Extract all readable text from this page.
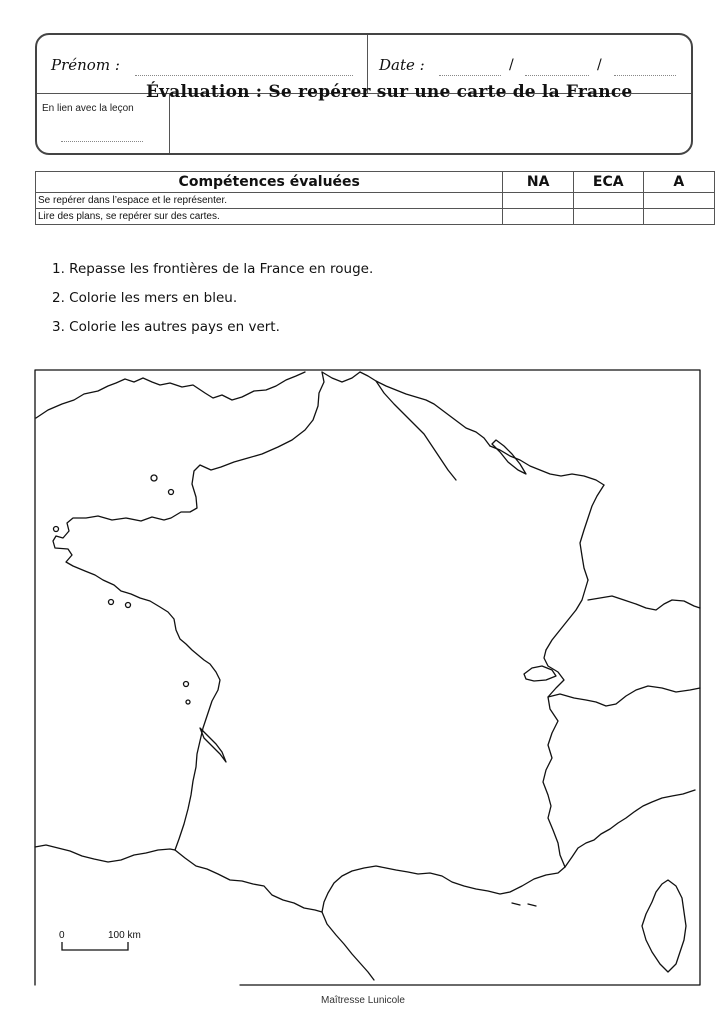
Prénom :	Date :	/	/
En lien avec la leçon
Évaluation : Se repérer sur une carte de la France
Compétences évaluées	NA	ECA	A
Se repérer dans l’espace et le représenter.			
Lire des plans, se repérer sur des cartes.			
1. Repasse les frontières de la France en rouge.
2. Colorie les mers en bleu.
3. Colorie les autres pays en vert.
0	100 km
Maîtresse Lunicole
